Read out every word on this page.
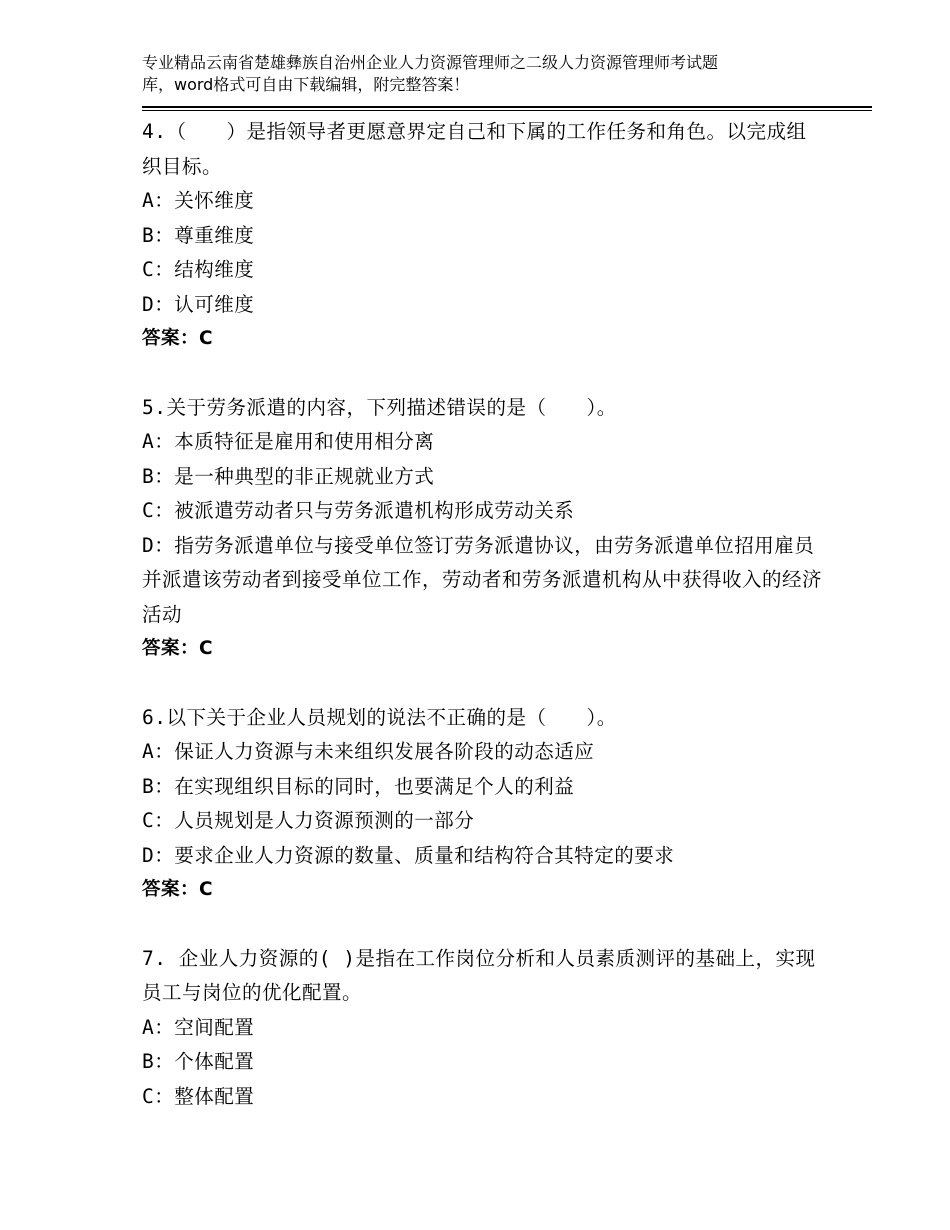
专业精品云南省楚雄彝族自治州企业人力资源管理师之二级人力资源管理师考试题
库，word格式可自由下载编辑，附完整答案！
4.（　　）是指领导者更愿意界定自己和下属的工作任务和角色。以完成组织目标。
A：关怀维度
B：尊重维度
C：结构维度
D：认可维度
答案：C
5.关于劳务派遣的内容，下列描述错误的是（　　）。
A：本质特征是雇用和使用相分离
B：是一种典型的非正规就业方式
C：被派遣劳动者只与劳务派遣机构形成劳动关系
D：指劳务派遣单位与接受单位签订劳务派遣协议，由劳务派遣单位招用雇员并派遣该劳动者到接受单位工作，劳动者和劳务派遣机构从中获得收入的经济活动
答案：C
6.以下关于企业人员规划的说法不正确的是（　　）。
A：保证人力资源与未来组织发展各阶段的动态适应
B：在实现组织目标的同时，也要满足个人的利益
C：人员规划是人力资源预测的一部分
D：要求企业人力资源的数量、质量和结构符合其特定的要求
答案：C
7. 企业人力资源的( )是指在工作岗位分析和人员素质测评的基础上，实现员工与岗位的优化配置。
A：空间配置
B：个体配置
C：整体配置
